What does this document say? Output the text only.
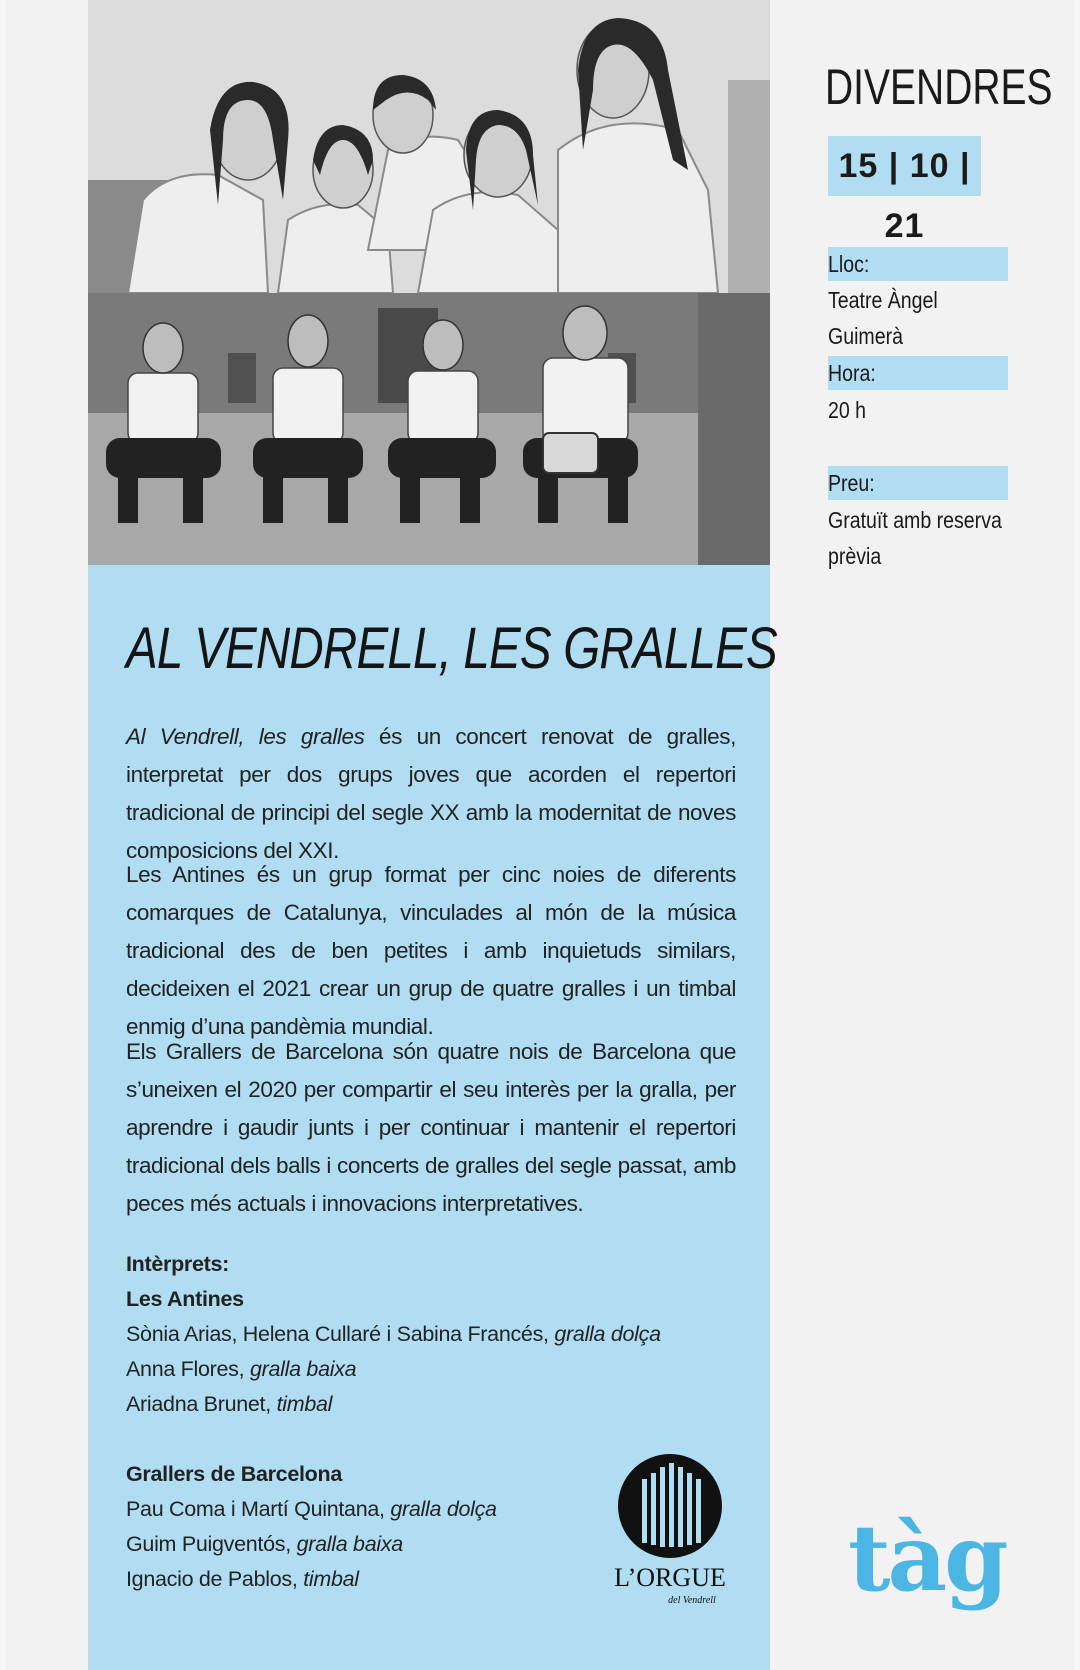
AL VENDRELL, LES GRALLES

Al Vendrell, les gralles és un concert renovat de gralles, interpretat per dos grups joves que acorden el repertori tradicional de principi del segle XX amb la modernitat de noves composicions del XXI.

Les Antines és un grup format per cinc noies de diferents comarques de Catalunya, vinculades al món de la música tradicional des de ben petites i amb inquietuds similars, decideixen el 2021 crear un grup de quatre gralles i un timbal enmig d’una pandèmia mundial.

Els Grallers de Barcelona són quatre nois de Barcelona que s’uneixen el 2020 per compartir el seu interès per la gralla, per aprendre i gaudir junts i per continuar i mantenir el repertori tradicional dels balls i concerts de gralles del segle passat, amb peces més actuals i innovacions interpretatives.

Intèrprets:
Les Antines
Sònia Arias, Helena Cullaré i Sabina Francés, gralla dolça
Anna Flores, gralla baixa
Ariadna Brunet, timbal
Grallers de Barcelona
Pau Coma i Martí Quintana, gralla dolça
Guim Puigventós, gralla baixa
Ignacio de Pablos, timbal	L’ORGUE
del Vendrell
DIVENDRES
15 | 10 | 21
Lloc:
Teatre Àngel Guimerà
Hora:
20 h
Preu:
Gratuït amb reserva
prèvia
tàg
